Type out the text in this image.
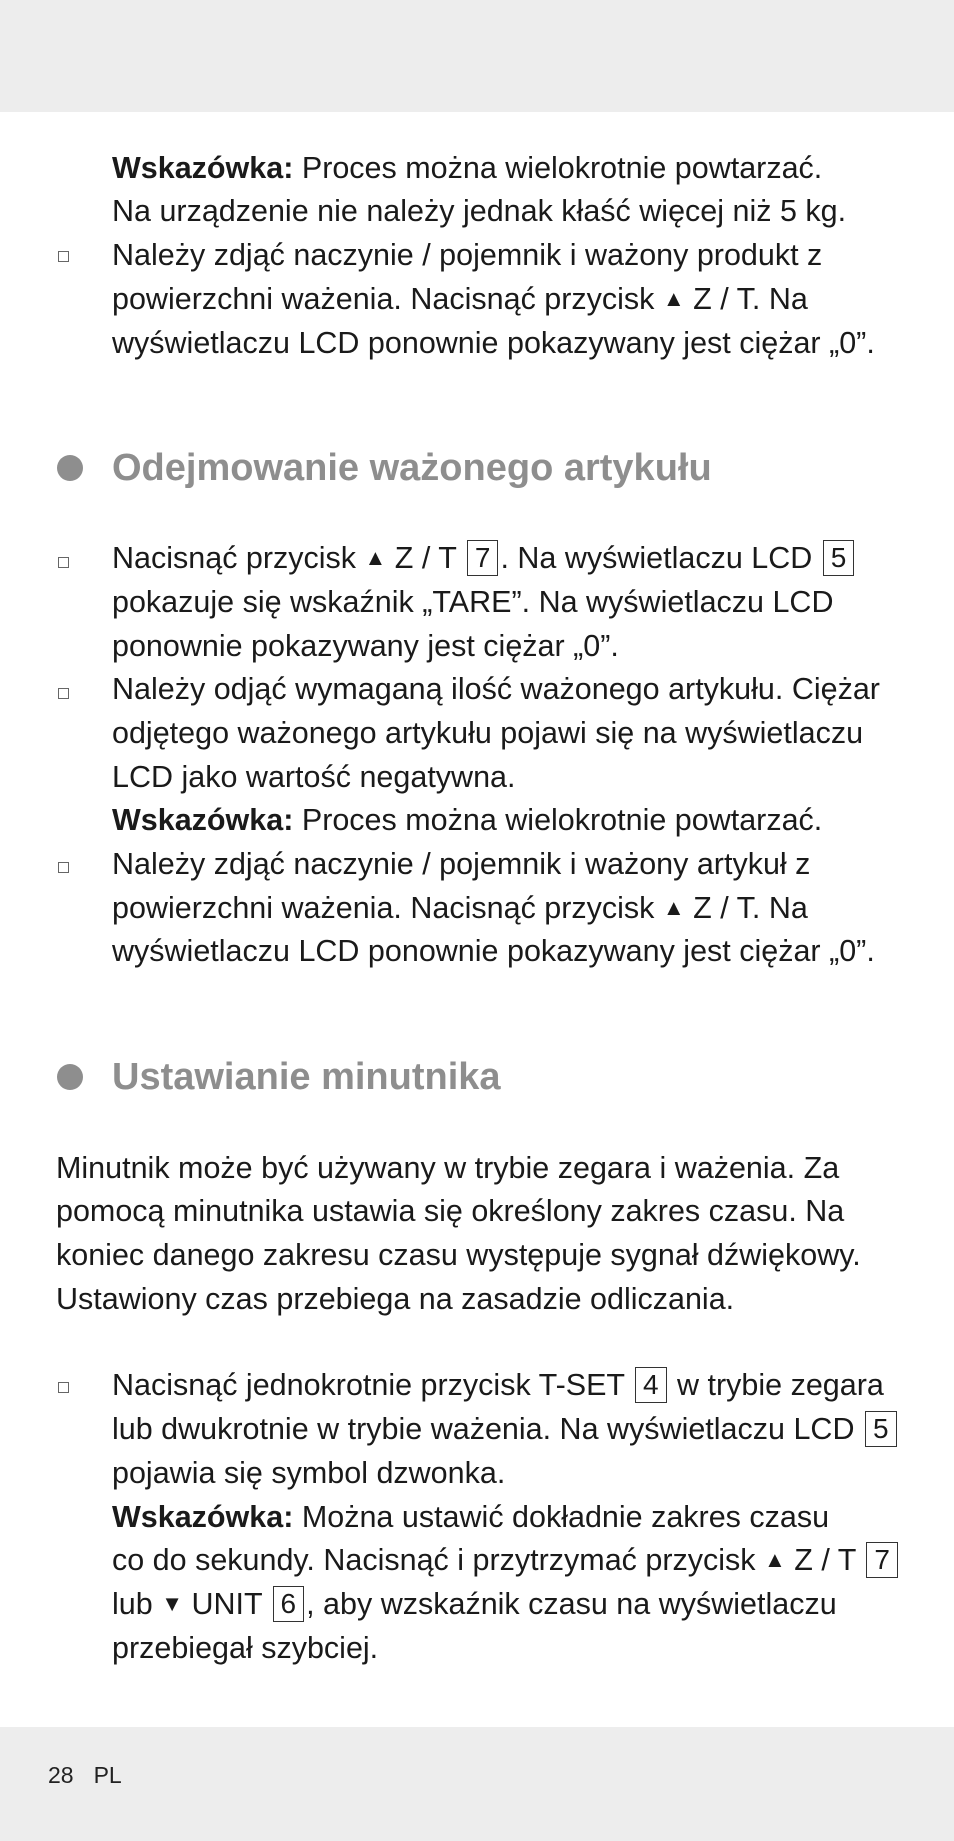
Wskazówka: Proces można wielokrotnie powtarzać.
Na urządzenie nie należy jednak kłaść więcej niż 5 kg.
Należy zdjąć naczynie / pojemnik i ważony produkt z
powierzchni ważenia. Nacisnąć przycisk ▲ Z / T. Na
wyświetlaczu LCD ponownie pokazywany jest ciężar „0”.
Odejmowanie ważonego artykułu
Nacisnąć przycisk ▲ Z / T 7 . Na wyświetlaczu LCD 5
pokazuje się wskaźnik „TARE”. Na wyświetlaczu LCD
ponownie pokazywany jest ciężar „0”.
Należy odjąć wymaganą ilość ważonego artykułu. Ciężar
odjętego ważonego artykułu pojawi się na wyświetlaczu
LCD jako wartość negatywna.
Wskazówka: Proces można wielokrotnie powtarzać.
Należy zdjąć naczynie / pojemnik i ważony artykuł z
powierzchni ważenia. Nacisnąć przycisk ▲ Z / T. Na
wyświetlaczu LCD ponownie pokazywany jest ciężar „0”.
Ustawianie minutnika
Minutnik może być używany w trybie zegara i ważenia. Za
pomocą minutnika ustawia się określony zakres czasu. Na
koniec danego zakresu czasu występuje sygnał dźwiękowy.
Ustawiony czas przebiega na zasadzie odliczania.
Nacisnąć jednokrotnie przycisk T-SET 4 w trybie zegara
lub dwukrotnie w trybie ważenia. Na wyświetlaczu LCD 5
pojawia się symbol dzwonka.
Wskazówka: Można ustawić dokładnie zakres czasu
co do sekundy. Nacisnąć i przytrzymać przycisk ▲ Z / T 7
lub ▼ UNIT 6 , aby wzskaźnik czasu na wyświetlaczu
przebiegał szybciej.
28 PL
